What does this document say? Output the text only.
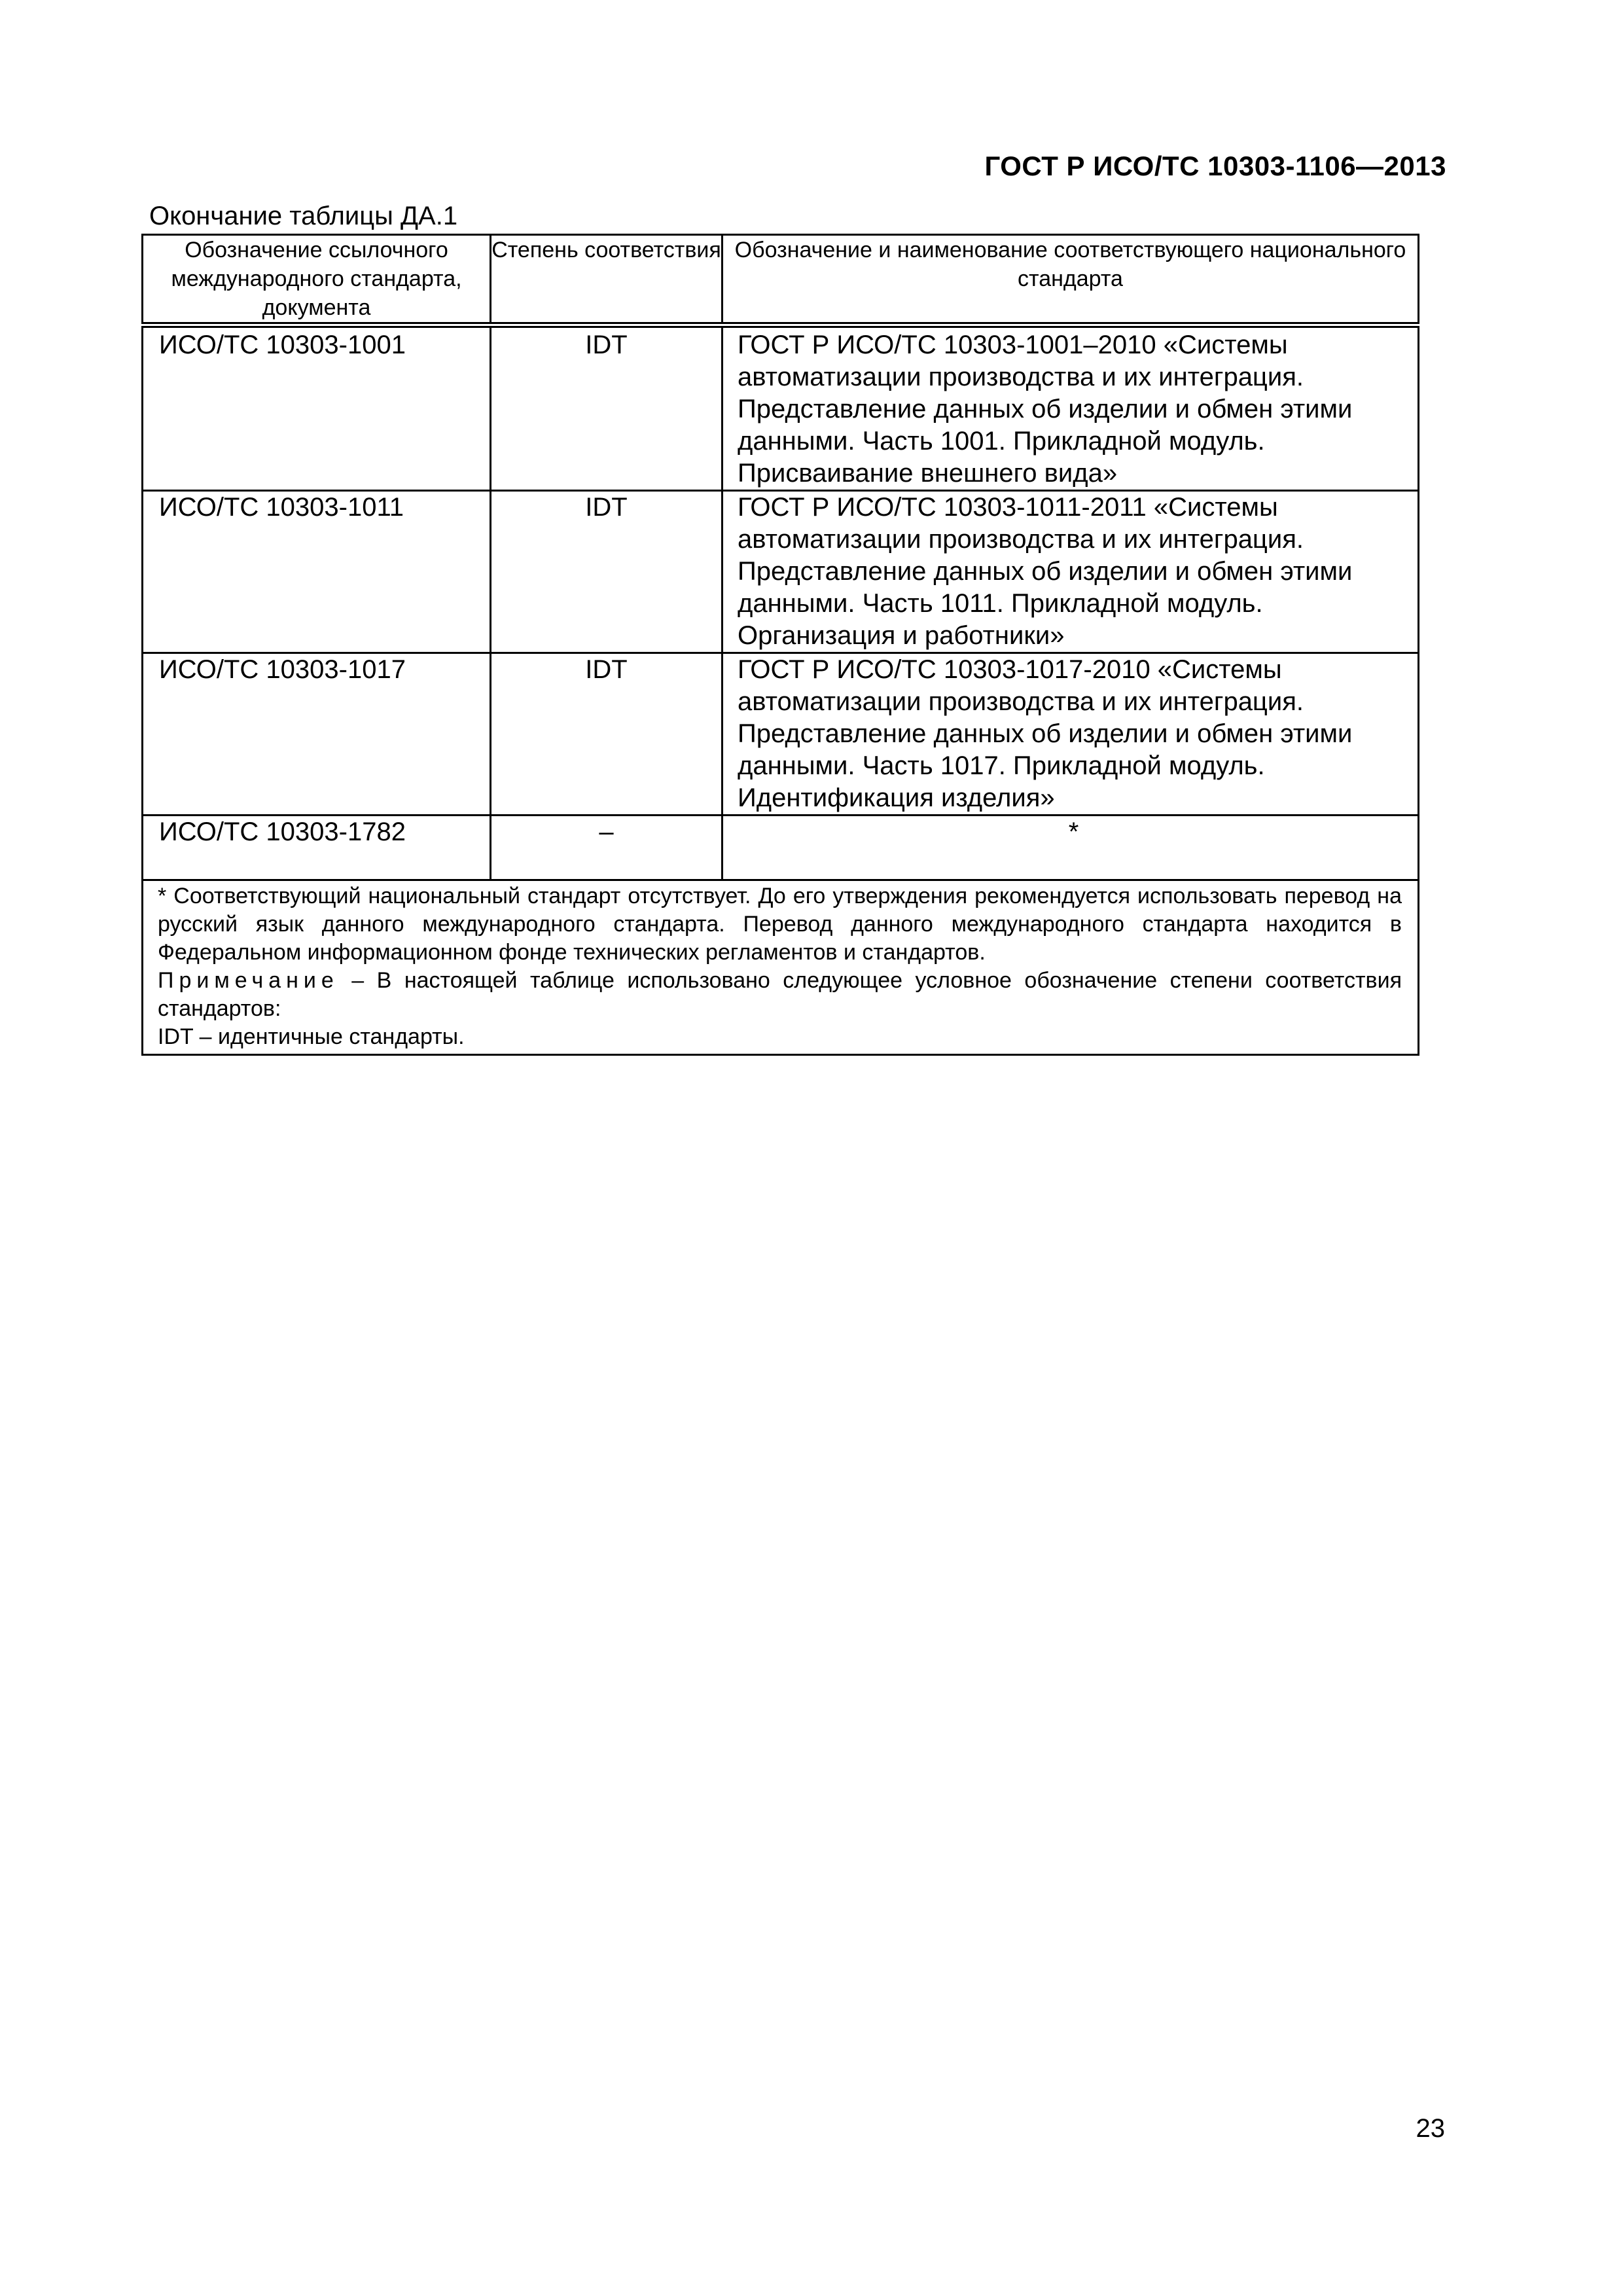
ГОСТ Р ИСО/ТС 10303-1106—2013
Окончание таблицы ДА.1
Обозначение ссылочного международного стандарта, документа	Степень соответствия	Обозначение и наименование соответствующего национального стандарта
ИСО/ТС 10303-1001	IDT	ГОСТ Р ИСО/ТС 10303-1001–2010 «Системы автоматизации производства и их интеграция. Представление данных об изделии и обмен этими данными. Часть 1001. Прикладной модуль. Присваивание внешнего вида»
ИСО/ТС 10303-1011	IDT	ГОСТ Р ИСО/ТС 10303-1011-2011 «Системы автоматизации производства и их интеграция. Представление данных об изделии и обмен этими данными. Часть 1011. Прикладной модуль. Организация и работники»
ИСО/ТС 10303-1017	IDT	ГОСТ Р ИСО/ТС 10303-1017-2010 «Системы автоматизации производства и их интеграция. Представление данных об изделии и обмен этими данными. Часть 1017. Прикладной модуль. Идентификация изделия»
ИСО/ТС 10303-1782	–	*

* Соответствующий национальный стандарт отсутствует. До его утверждения рекомендуется использовать перевод на русский язык данного международного стандарта. Перевод данного международного стандарта находится в Федеральном информационном фонде технических регламентов и стандартов.
Примечание – В настоящей таблице использовано следующее условное обозначение степени соответствия стандартов:
IDT – идентичные стандарты.		
23
